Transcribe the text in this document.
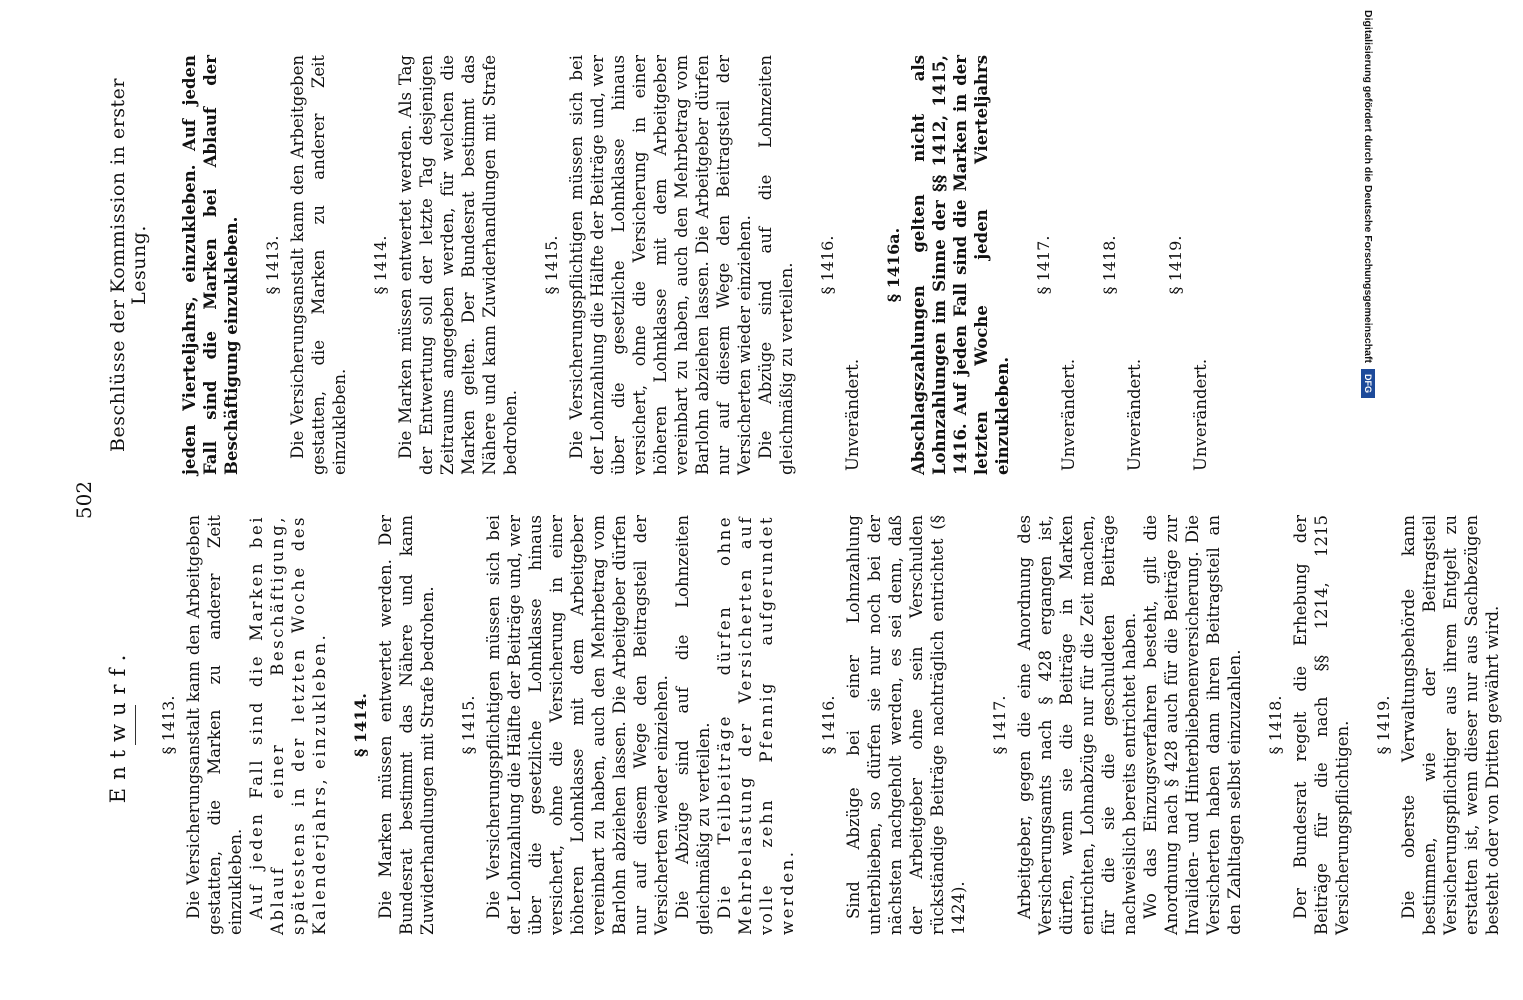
502
Entwurf. § 1413. Die Versicherungsanstalt kann den Arbeitgeben gestatten, die Marken zu anderer Zeit einzukleben. Auf jeden Fall sind die Marken bei Ablauf einer Beschäftigung, spätestens in der letzten Woche des Kalenderjahrs, einzukleben. § 1414. Die Marken müssen entwertet werden. Der Bundesrat bestimmt das Nähere und kann Zuwiderhandlungen mit Strafe bedrohen. § 1415. Die Versicherungspflichtigen müssen sich bei der Lohnzahlung die Hälfte der Beiträge und, wer über die gesetzliche Lohnklasse hinaus versichert, ohne die Versicherung in einer höheren Lohnklasse mit dem Arbeitgeber vereinbart zu haben, auch den Mehrbetrag vom Barlohn abziehen lassen. Die Arbeitgeber dürfen nur auf diesem Wege den Beitragsteil der Versicherten wieder einziehen. Die Abzüge sind auf die Lohnzeiten gleichmäßig zu verteilen. Die Teilbeiträge dürfen ohne Mehrbelastung der Versicherten auf volle zehn Pfennig aufgerundet werden.

§ 1416. Sind Abzüge bei einer Lohnzahlung unterblieben, so dürfen sie nur noch bei der nächsten nachgeholt werden, es sei denn, daß der Arbeitgeber ohne sein Verschulden rückständige Beiträge nachträglich entrichtet (§ 1424).

§ 1417. Arbeitgeber, gegen die eine Anordnung des Versicherungsamts nach § 428 ergangen ist, dürfen, wenn sie die Beiträge in Marken entrichten, Lohnabzüge nur für die Zeit machen, für die sie die geschuldeten Beiträge nachweislich bereits entrichtet haben. Wo das Einzugsverfahren besteht, gilt die Anordnung nach § 428 auch für die Beiträge zur Invaliden- und Hinterbliebenenversicherung. Die Versicherten haben dann ihren Beitragsteil an den Zahltagen selbst einzuzahlen. § 1418. Der Bundesrat regelt die Erhebung der Beiträge für die nach §§ 1214, 1215 Versicherungspflichtigen. § 1419. Die oberste Verwaltungsbehörde kann bestimmen, wie der Beitragsteil Versicherungspflichtiger aus ihrem Entgelt zu erstatten ist, wenn dieser nur aus Sachbezügen besteht oder von Dritten gewährt wird.

Beschlüsse der Kommission in erster Lesung. jeden Vierteljahrs, einzukleben. Auf jeden Fall sind die Marken bei Ablauf der Beschäftigung einzukleben. § 1413. Die Versicherungsanstalt kann den Arbeitgeben gestatten, die Marken zu anderer Zeit einzukleben.

§ 1414. Die Marken müssen entwertet werden. Als Tag der Entwertung soll der letzte Tag desjenigen Zeitraums angegeben werden, für welchen die Marken gelten. Der Bundesrat bestimmt das Nähere und kann Zuwiderhandlungen mit Strafe bedrohen.

§ 1415. Die Versicherungspflichtigen müssen sich bei der Lohnzahlung die Hälfte der Beiträge und, wer über die gesetzliche Lohnklasse hinaus versichert, ohne die Versicherung in einer höheren Lohnklasse mit dem Arbeitgeber vereinbart zu haben, auch den Mehrbetrag vom Barlohn abziehen lassen. Die Arbeitgeber dürfen nur auf diesem Wege den Beitragsteil der Versicherten wieder einziehen. Die Abzüge sind auf die Lohnzeiten gleichmäßig zu verteilen. § 1416.

Unverändert.

§ 1416a. Abschlagszahlungen gelten nicht als Lohnzahlungen im Sinne der §§ 1412, 1415, 1416. Auf jeden Fall sind die Marken in der letzten Woche jeden Vierteljahrs einzukleben.

§ 1417.

Unverändert.

§ 1418.

Unverändert.

§ 1419.

Unverändert.

Digitalisierung gefördert durch die Deutsche Forschungsgemeinschaft
DFG
